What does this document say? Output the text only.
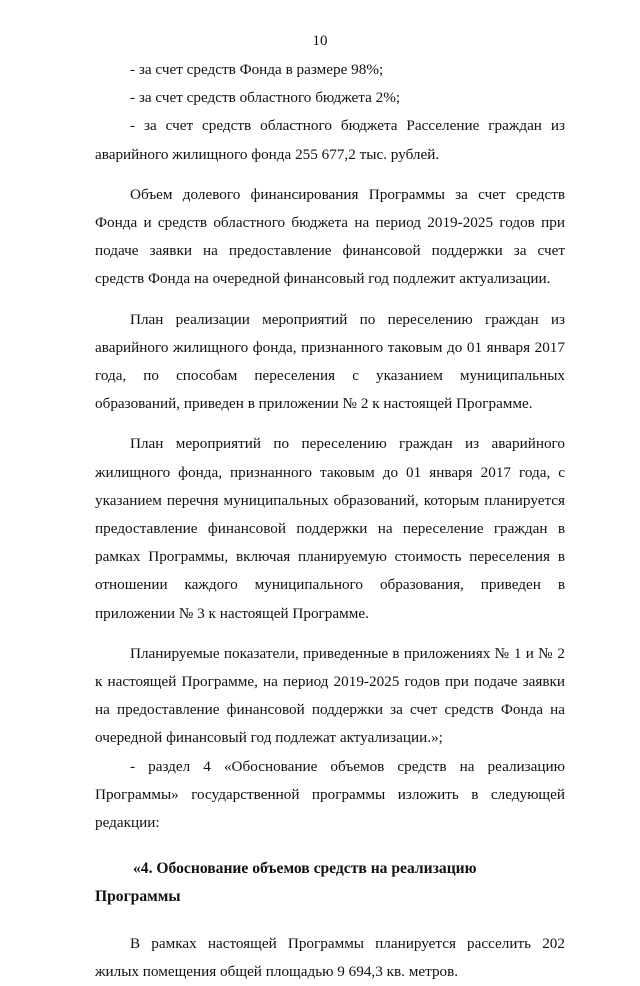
10

- за счет средств Фонда в размере 98%;

- за счет средств областного бюджета 2%;

- за счет средств областного бюджета Расселение граждан из аварийного жилищного фонда 255 677,2 тыс. рублей.

Объем долевого финансирования Программы за счет средств Фонда и средств областного бюджета на период 2019-2025 годов при подаче заявки на предоставление финансовой поддержки за счет средств Фонда на очередной финансовый год подлежит актуализации.

План реализации мероприятий по переселению граждан из аварийного жилищного фонда, признанного таковым до 01 января 2017 года, по способам переселения с указанием муниципальных образований, приведен в приложении № 2 к настоящей Программе.

План мероприятий по переселению граждан из аварийного жилищного фонда, признанного таковым до 01 января 2017 года, с указанием перечня муниципальных образований, которым планируется предоставление финансовой поддержки на переселение граждан в рамках Программы, включая планируемую стоимость переселения в отношении каждого муниципального образования, приведен в приложении № 3 к настоящей Программе.

Планируемые показатели, приведенные в приложениях № 1 и № 2 к настоящей Программе, на период 2019-2025 годов при подаче заявки на предоставление финансовой поддержки за счет средств Фонда на очередной финансовый год подлежат актуализации.»;

- раздел 4 «Обоснование объемов средств на реализацию Программы» государственной программы изложить в следующей редакции:

«4. Обоснование объемов средств на реализацию Программы

В рамках настоящей Программы планируется расселить 202 жилых помещения общей площадью 9 694,3 кв. метров.
